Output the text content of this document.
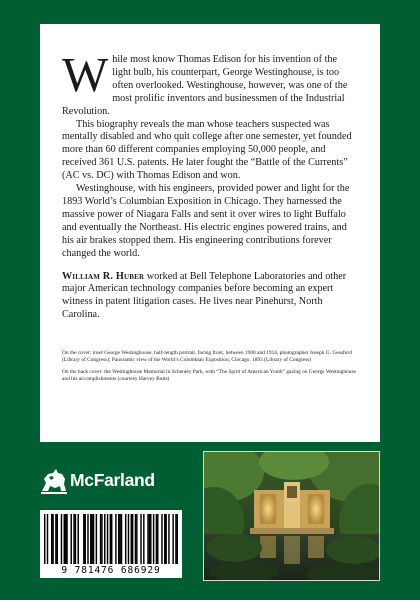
While most know Thomas Edison for his invention of the light bulb, his counterpart, George Westinghouse, is too often overlooked. Westinghouse, however, was one of the most prolific inventors and businessmen of the Industrial Revolution.

This biography reveals the man whose teachers suspected was mentally disabled and who quit college after one semester, yet founded more than 60 different companies employing 50,000 people, and received 361 U.S. patents. He later fought the “Battle of the Currents” (AC vs. DC) with Thomas Edison and won.

Westinghouse, with his engineers, provided power and light for the 1893 World’s Columbian Exposition in Chicago. They harnessed the massive power of Niagara Falls and sent it over wires to light Buffalo and eventually the Northeast. His electric engines powered trains, and his air brakes stopped them. His engineering contributions forever changed the world.

William R. Huber worked at Bell Telephone Laboratories and other major American technology companies before becoming an expert witness in patent litigation cases. He lives near Pinehurst, North Carolina.

On the cover: inset George Westinghouse, half-length portrait, facing front, between 1900 and 1914, photographer Joseph G. Gessford (Library of Congress); Panoramic view of the World’s Columbian Exposition, Chicago, 1893 (Library of Congress)

On the back cover: the Westinghouse Memorial in Schenley Park, with “The Spirit of American Youth” gazing on George Westinghouse and his accomplishments (courtesy Harvey Butts)

McFarland
9 781476 686929
